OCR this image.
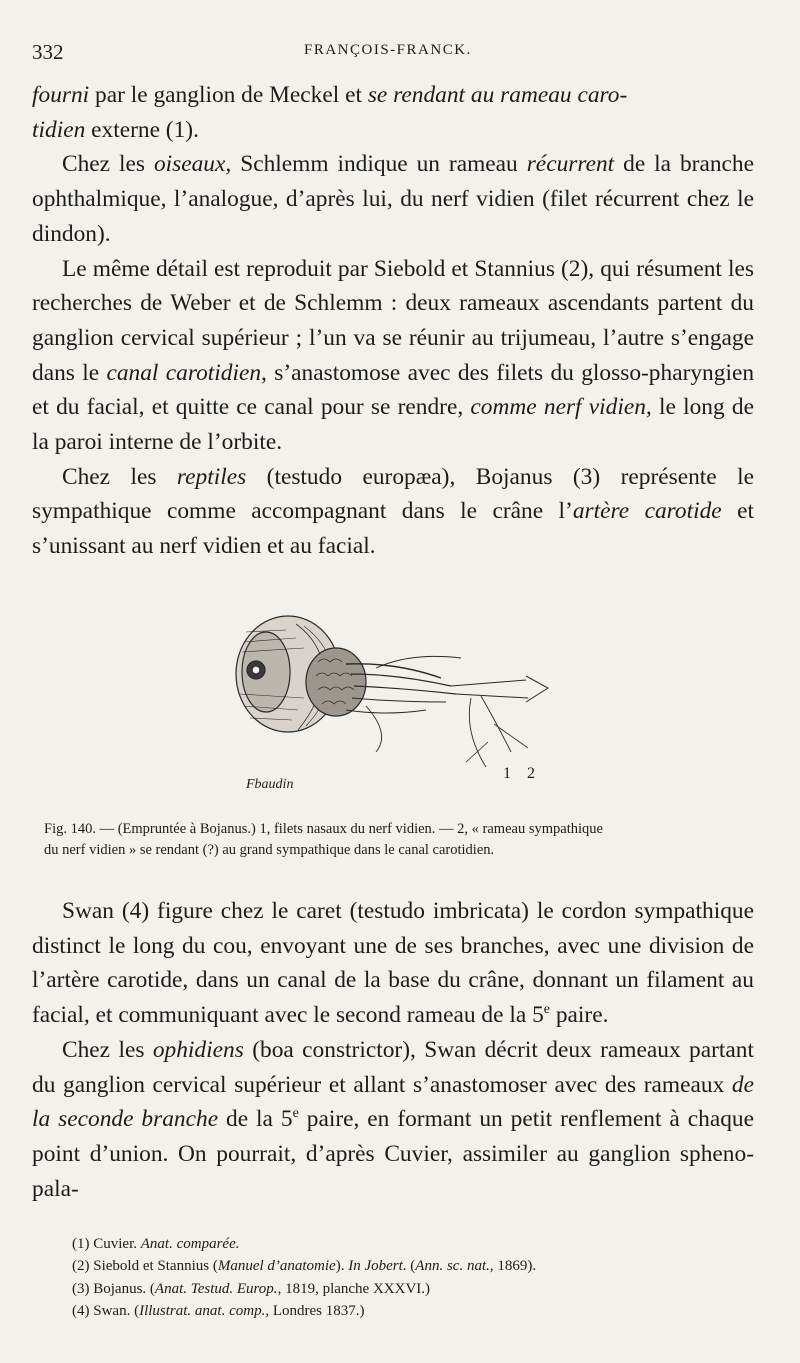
332	FRANÇOIS-FRANCK.

fourni par le ganglion de Meckel et se rendant au rameau caro-
tidien externe (1).

Chez les oiseaux, Schlemm indique un rameau récurrent de la branche ophthalmique, l’analogue, d’après lui, du nerf vidien (filet récurrent chez le dindon).

Le même détail est reproduit par Siebold et Stannius (2), qui résument les recherches de Weber et de Schlemm : deux rameaux ascendants partent du ganglion cervical supérieur ; l’un va se réunir au trijumeau, l’autre s’engage dans le canal carotidien, s’anastomose avec des filets du glosso-pharyngien et du facial, et quitte ce canal pour se rendre, comme nerf vidien, le long de la paroi interne de l’orbite.

Chez les reptiles (testudo europæa), Bojanus (3) représente le sympathique comme accompagnant dans le crâne l’artère carotide et s’unissant au nerf vidien et au facial.

1 2
Fbaudin
Fig. 140. — (Empruntée à Bojanus.) 1, filets nasaux du nerf vidien. — 2, « rameau sympathique
du nerf vidien » se rendant (?) au grand sympathique dans le canal carotidien.

Swan (4) figure chez le caret (testudo imbricata) le cordon sympathique distinct le long du cou, envoyant une de ses branches, avec une division de l’artère carotide, dans un canal de la base du crâne, donnant un filament au facial, et communiquant avec le second rameau de la 5e paire.

Chez les ophidiens (boa constrictor), Swan décrit deux rameaux partant du ganglion cervical supérieur et allant s’anastomoser avec des rameaux de la seconde branche de la 5e paire, en formant un petit renflement à chaque point d’union. On pourrait, d’après Cuvier, assimiler au ganglion spheno-pala-

(1) Cuvier. Anat. comparée.
(2) Siebold et Stannius (Manuel d’anatomie). In Jobert. (Ann. sc. nat., 1869).
(3) Bojanus. (Anat. Testud. Europ., 1819, planche XXXVI.)
(4) Swan. (Illustrat. anat. comp., Londres 1837.)
